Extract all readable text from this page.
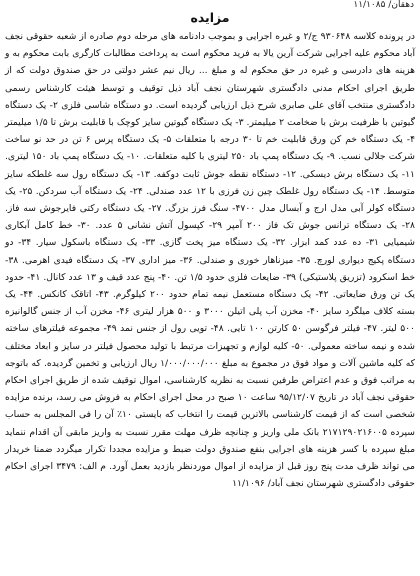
دهقان/ ۱۱/۱۰۸۵
مزایده

در پرونده کلاسه ۹۳۰۶۴۸ ج/۲ و غیره اجرایی و بموجب دادنامه های مرحله دوم صادره از شعبه حقوقی نجف آباد محکوم علیه اجرایی شرکت آرین یالا به فرید محکوم است به پرداخت مطالبات کارگری بابت محکوم به و هزینه های دادرسی و غیره در حق محکوم له و مبلغ ... ریال نیم عشر دولتی در حق صندوق دولت که از طریق اجرای احکام مدنی دادگستری شهرستان نجف آباد ذیل توقیف و توسط هیئت کارشناس رسمی دادگستری منتخب آقای علی صابری شرح ذیل ارزیابی گردیده است. دو دستگاه شاسی فلزی ۲- یک دستگاه گیوتین با ظرفیت برش با ضخامت ۲ میلیمتر. ۳- یک دستگاه گیوتین سایز کوچک با قابلیت برش تا ۱/۵ میلیمتر ۴- یک دستگاه خم کن ورق قابلیت خم تا ۳۰ درجه با متعلقات ۵- یک دستگاه پرس ۶ تن در حد نو ساخت شرکت جلالی نسب. ۹- یک دستگاه پمپ باد ۲۵۰ لیتری با کلیه متعلقات. ۱۰- یک دستگاه پمپ باد ۱۵۰ لیتری. ۱۱- یک دستگاه برش دیسکی. ۱۲- دستگاه نقطه جوش ثابت دوکفه. ۱۳- یک دستگاه رول سه غلطکه سایز متوسط. ۱۴- یک دستگاه رول غلطک چین زن فرزی با ۱۲ عدد صندلی. ۲۴- یک دستگاه آب سردکن. ۲۵- یک دستگاه کولر آبی مدل ارج و آبسال مدل ۴۷۰۰- سنگ فرز بزرگ. ۲۷- یک دستگاه رکتی فایرجوش سه فاز. ۲۸- یک دستگاه ترانس جوش تک فاز ۲۰۰ آمپر ۲۹- کپسول آتش نشانی ۵ عدد. ۳۰- خط کامل آبکاری شیمیایی ۳۱- ده عدد کمد ابزار. ۳۲- یک دستگاه میز پخت گازی. ۳۳- یک دستگاه باسکول سیار. ۳۴- دو دستگاه پکیج دیواری لورچ. ۳۵- میزناهار خوری و صندلی. ۳۶- میز اداری ۳۷- یک دستگاه فیدی اهرمی. ۳۸- خط اسکرود (تزریق پلاستیکی) ۳۹- ضایعات فلزی حدود ۱/۵ تن. ۴۰- پنج عدد قیف و ۱۳ عدد کانال. ۴۱- حدود یک تن ورق ضایعاتی. ۴۲- یک دستگاه مستعمل نیمه تمام حدود ۲۰۰ کیلوگرم. ۴۳- اتاقک کانکس. ۴۴- یک بسته کلاف میلگرد سایز ۴۰- مخزن آب پلی اتیلن ۳۰۰۰ و ۵۰۰ هزار لیتری ۴۶- مخزن آب از جنس گالوانیزه ۵۰۰ لیتر. ۴۷- فیلتر فرگوسن ۵۰ کارتن ۱۰۰ تایی. ۴۸- تویی رول از جنس نمد ۴۹- مجموعه فیلترهای ساخته شده و نیمه ساخته معمولی. ۵۰- کلیه لوازم و تجهیزات مرتبط با تولید محصول فیلتر در سایز و ابعاد مختلف که کلیه ماشین آلات و مواد فوق در مجموع به مبلغ ۱/۰۰۰/۰۰۰/۰۰۰ ریال ارزیابی و تخمین گردیده. که باتوجه به مراتب فوق و عدم اعتراض طرفین نسبت به نظریه کارشناسی، اموال توقیف شده از طریق اجرای احکام حقوقی نجف آباد در تاریخ ۹۵/۱۲/۰۷ ساعت ۱۰ صبح در محل اجرای احکام به فروش می رسد، برنده مزایده شخصی است که از قیمت کارشناسی بالاترین قیمت را انتخاب که بایستی ۱۰٪ آن را فی المجلس به حساب سپرده ۲۱۷۱۲۹۰۲۱۶۰۰۵ بانک ملی واریز و چنانچه ظرف مهلت مقرر نسبت به واریز مابقی آن اقدام ننماید مبلغ سپرده با کسر هزینه های اجرایی بنفع صندوق دولت ضبط و مزایده مجددا تکرار میگردد ضمنا خریدار می تواند ظرف مدت پنج روز قبل از مزایده از اموال موردنظر بازدید بعمل آورد. م الف: ۳۴۷۹ اجرای احکام حقوقی دادگستری شهرستان نجف آباد/ ۱۱/۱۰۹۶
